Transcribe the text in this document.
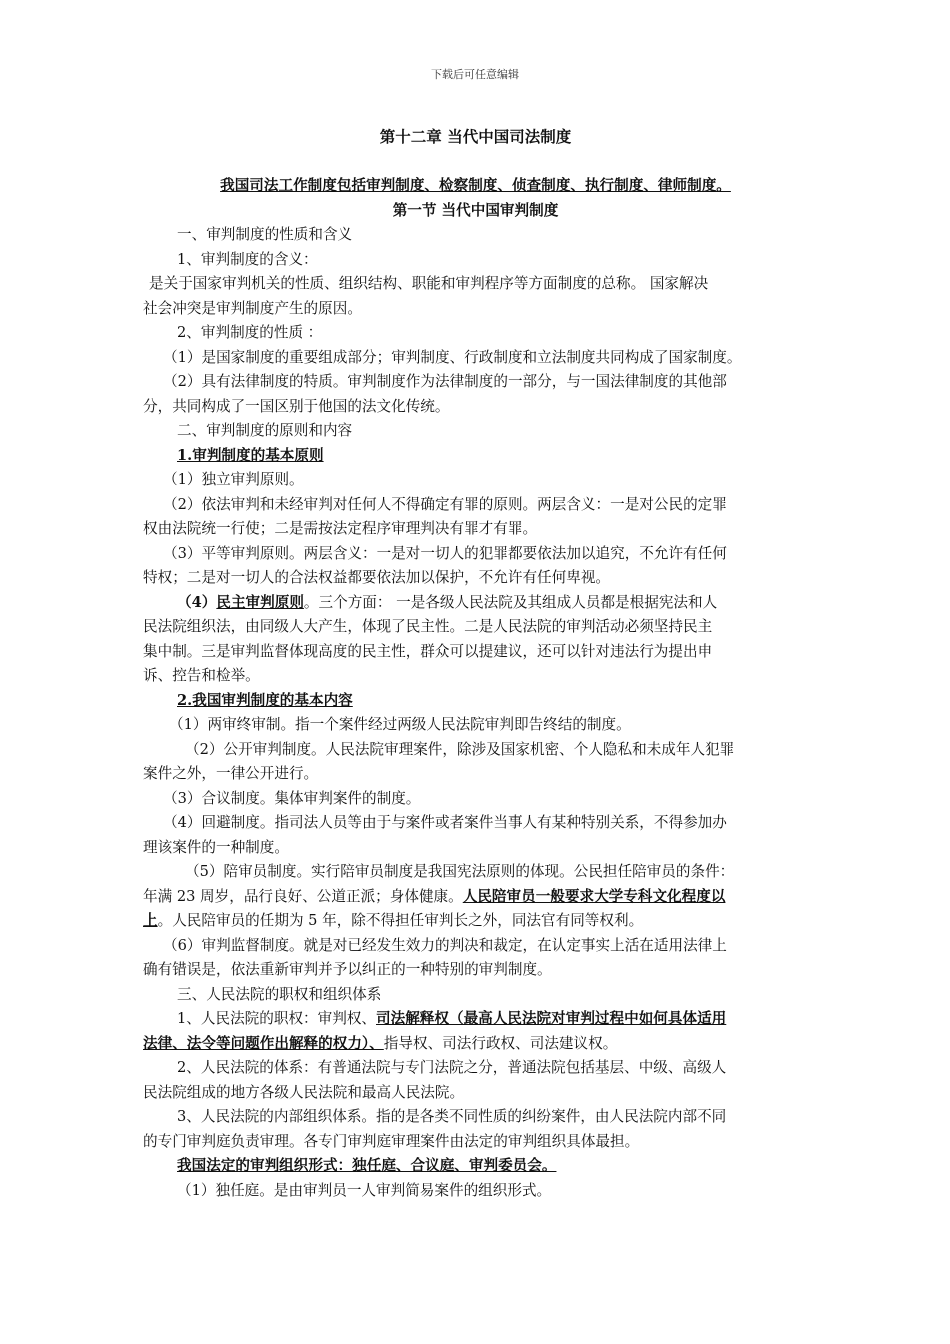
下载后可任意编辑
第十二章 当代中国司法制度
我国司法工作制度包括审判制度、检察制度、侦查制度、执行制度、律师制度。
第一节 当代中国审判制度
一、审判制度的性质和含义
1、审判制度的含义：
是关于国家审判机关的性质、组织结构、职能和审判程序等方面制度的总称。 国家解决
社会冲突是审判制度产生的原因。
2、审判制度的性质 ：
（1）是国家制度的重要组成部分；审判制度、行政制度和立法制度共同构成了国家制度。
（2）具有法律制度的特质。审判制度作为法律制度的一部分，与一国法律制度的其他部
分，共同构成了一国区别于他国的法文化传统。
二、审判制度的原则和内容
1.审判制度的基本原则
（1）独立审判原则。
（2）依法审判和未经审判对任何人不得确定有罪的原则。两层含义：一是对公民的定罪
权由法院统一行使；二是需按法定程序审理判决有罪才有罪。
（3）平等审判原则。两层含义：一是对一切人的犯罪都要依法加以追究，不允许有任何
特权；二是对一切人的合法权益都要依法加以保护，不允许有任何卑视。
（4）民主审判原则。三个方面： 一是各级人民法院及其组成人员都是根据宪法和人
民法院组织法，由同级人大产生，体现了民主性。二是人民法院的审判活动必须坚持民主
集中制。三是审判监督体现高度的民主性，群众可以提建议，还可以针对违法行为提出申
诉、控告和检举。
2.我国审判制度的基本内容
（1）两审终审制。指一个案件经过两级人民法院审判即告终结的制度。
（2）公开审判制度。人民法院审理案件，除涉及国家机密、个人隐私和未成年人犯罪
案件之外，一律公开进行。
（3）合议制度。集体审判案件的制度。
（4）回避制度。指司法人员等由于与案件或者案件当事人有某种特别关系，不得参加办
理该案件的一种制度。
（5）陪审员制度。实行陪审员制度是我国宪法原则的体现。公民担任陪审员的条件：
年满 23 周岁，品行良好、公道正派；身体健康。人民陪审员一般要求大学专科文化程度以
上。人民陪审员的任期为 5 年，除不得担任审判长之外，同法官有同等权利。
（6）审判监督制度。就是对已经发生效力的判决和裁定，在认定事实上活在适用法律上
确有错误是，依法重新审判并予以纠正的一种特别的审判制度。
三、人民法院的职权和组织体系
1、人民法院的职权：审判权、司法解释权（最高人民法院对审判过程中如何具体适用
法律、法令等问题作出解释的权力）、指导权、司法行政权、司法建议权。
2、人民法院的体系：有普通法院与专门法院之分，普通法院包括基层、中级、高级人
民法院组成的地方各级人民法院和最高人民法院。
3、人民法院的内部组织体系。指的是各类不同性质的纠纷案件，由人民法院内部不同
的专门审判庭负责审理。各专门审判庭审理案件由法定的审判组织具体最担。
我国法定的审判组织形式：独任庭、合议庭、审判委员会。
（1）独任庭。是由审判员一人审判简易案件的组织形式。
